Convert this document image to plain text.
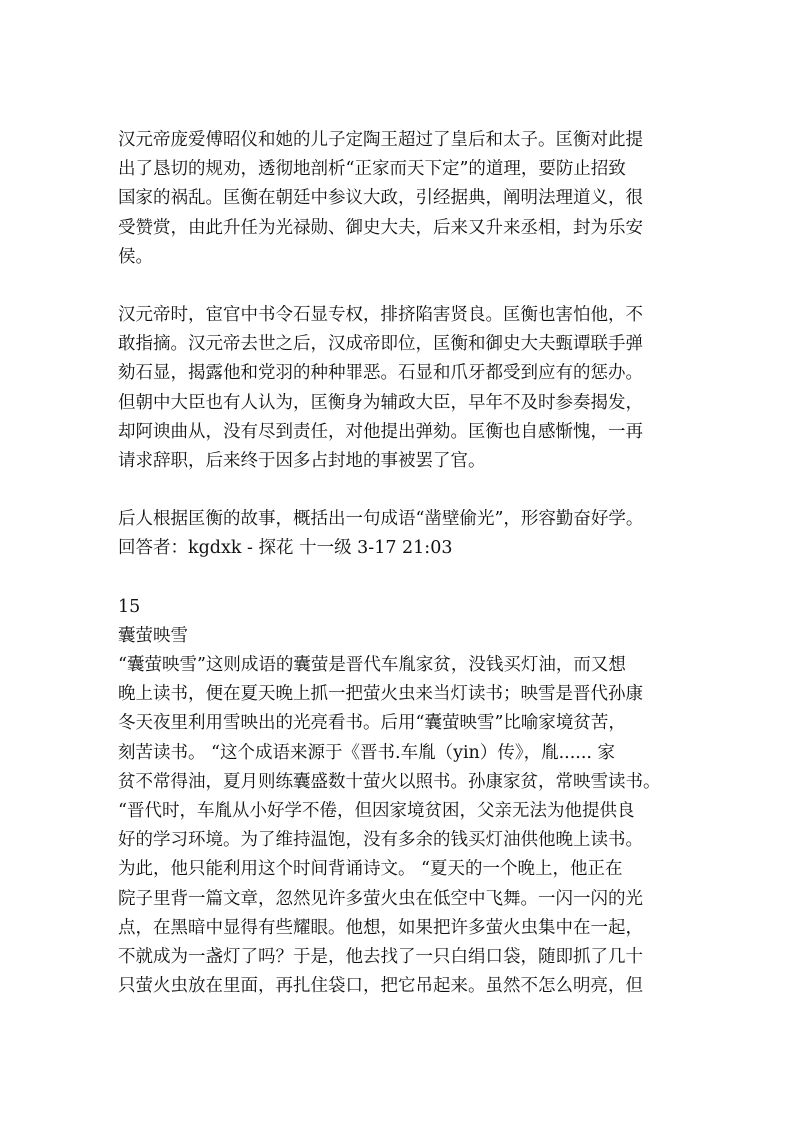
汉元帝庞爱傅昭仪和她的儿子定陶王超过了皇后和太子。匡衡对此提
出了恳切的规劝，透彻地剖析“正家而天下定”的道理，要防止招致
国家的祸乱。匡衡在朝廷中参议大政，引经据典，阐明法理道义，很
受赞赏，由此升任为光禄勋、御史大夫，后来又升来丞相，封为乐安
侯。

汉元帝时，宦官中书令石显专权，排挤陷害贤良。匡衡也害怕他，不
敢指摘。汉元帝去世之后，汉成帝即位，匡衡和御史大夫甄谭联手弹
劾石显，揭露他和党羽的种种罪恶。石显和爪牙都受到应有的惩办。
但朝中大臣也有人认为，匡衡身为辅政大臣，早年不及时参奏揭发，
却阿谀曲从，没有尽到责任，对他提出弹劾。匡衡也自感惭愧，一再
请求辞职，后来终于因多占封地的事被罢了官。

后人根据匡衡的故事，概括出一句成语“凿壁偷光”，形容勤奋好学。
回答者：kgdxk - 探花 十一级 3-17 21:03

15
囊萤映雪

“囊萤映雪”这则成语的囊萤是晋代车胤家贫，没钱买灯油，而又想
晚上读书，便在夏天晚上抓一把萤火虫来当灯读书；映雪是晋代孙康
冬天夜里利用雪映出的光亮看书。后用“囊萤映雪”比喻家境贫苦，
刻苦读书。 “这个成语来源于《晋书.车胤（yin）传》，胤...... 家
贫不常得油，夏月则练囊盛数十萤火以照书。孙康家贫，常映雪读书。
“晋代时，车胤从小好学不倦，但因家境贫困，父亲无法为他提供良
好的学习环境。为了维持温饱，没有多余的钱买灯油供他晚上读书。
为此，他只能利用这个时间背诵诗文。 “夏天的一个晚上，他正在
院子里背一篇文章，忽然见许多萤火虫在低空中飞舞。一闪一闪的光
点，在黑暗中显得有些耀眼。他想，如果把许多萤火虫集中在一起，
不就成为一盏灯了吗？于是，他去找了一只白绢口袋，随即抓了几十
只萤火虫放在里面，再扎住袋口，把它吊起来。虽然不怎么明亮，但
